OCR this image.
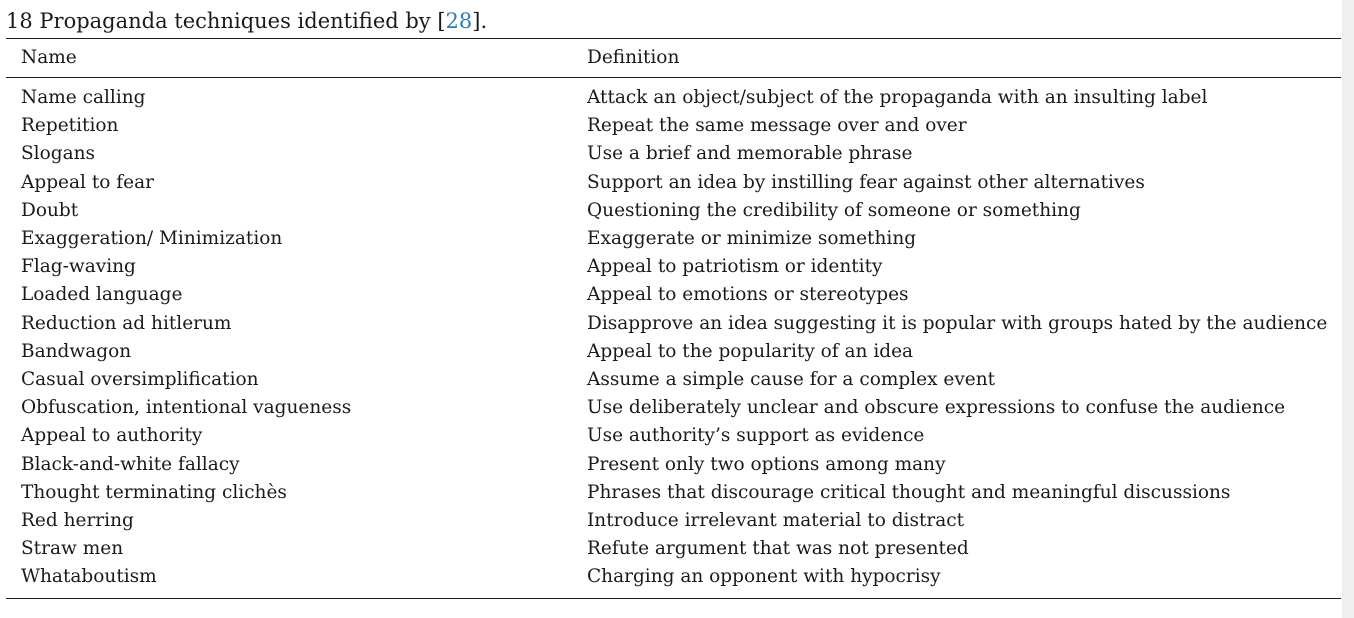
18 Propaganda techniques identified by [28].
Name	Definition
Name calling	Attack an object/subject of the propaganda with an insulting label
Repetition	Repeat the same message over and over
Slogans	Use a brief and memorable phrase
Appeal to fear	Support an idea by instilling fear against other alternatives
Doubt	Questioning the credibility of someone or something
Exaggeration/ Minimization	Exaggerate or minimize something
Flag-waving	Appeal to patriotism or identity
Loaded language	Appeal to emotions or stereotypes
Reduction ad hitlerum	Disapprove an idea suggesting it is popular with groups hated by the audience
Bandwagon	Appeal to the popularity of an idea
Casual oversimplification	Assume a simple cause for a complex event
Obfuscation, intentional vagueness	Use deliberately unclear and obscure expressions to confuse the audience
Appeal to authority	Use authority’s support as evidence
Black-and-white fallacy	Present only two options among many
Thought terminating clichès	Phrases that discourage critical thought and meaningful discussions
Red herring	Introduce irrelevant material to distract
Straw men	Refute argument that was not presented
Whataboutism	Charging an opponent with hypocrisy
